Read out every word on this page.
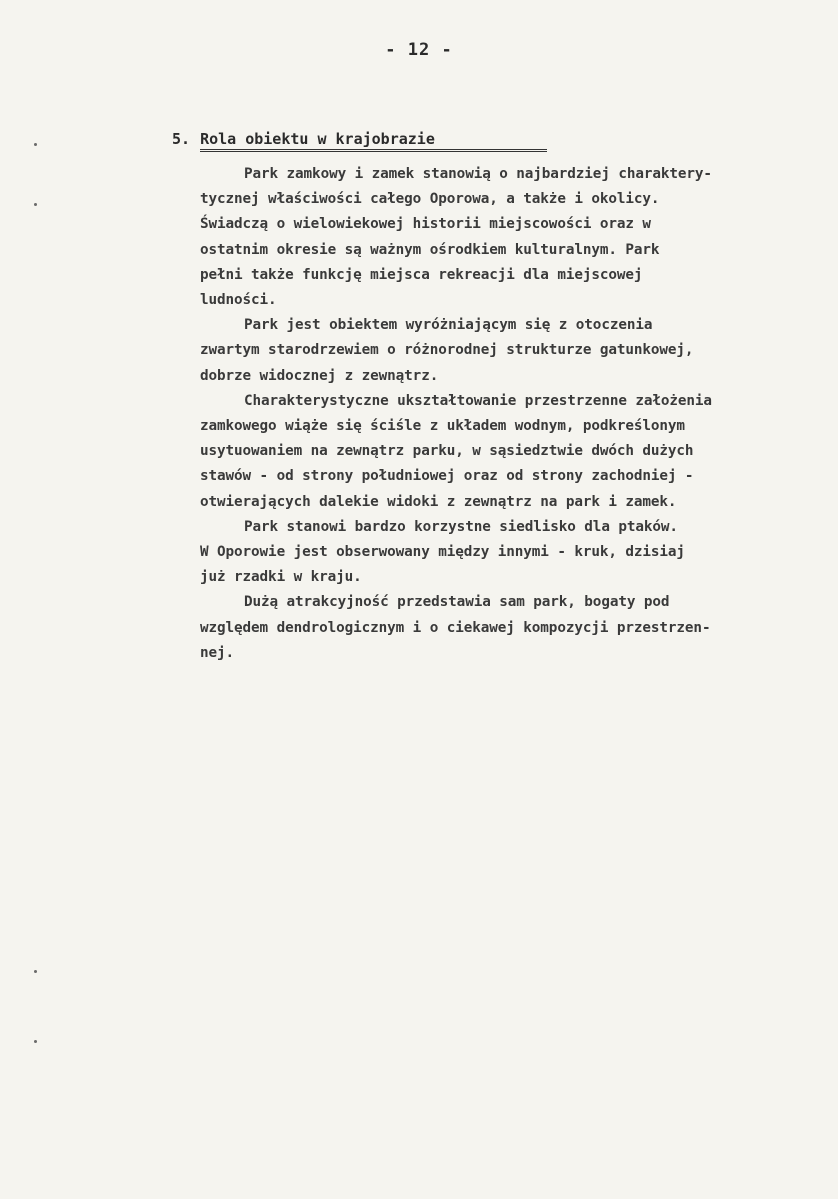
- 12 -
5. Rola obiektu w krajobrazie

Park zamkowy i zamek stanowią o najbardziej charaktery-
tycznej właściwości całego Oporowa, a także i okolicy.
Świadczą o wielowiekowej historii miejscowości oraz w
ostatnim okresie są ważnym ośrodkiem kulturalnym. Park
pełni także funkcję miejsca rekreacji dla miejscowej
ludności.

Park jest obiektem wyróżniającym się z otoczenia
zwartym starodrzewiem o różnorodnej strukturze gatunkowej,
dobrze widocznej z zewnątrz.

Charakterystyczne ukształtowanie przestrzenne założenia
zamkowego wiąże się ściśle z układem wodnym, podkreślonym
usytuowaniem na zewnątrz parku, w sąsiedztwie dwóch dużych
stawów - od strony południowej oraz od strony zachodniej -
otwierających dalekie widoki z zewnątrz na park i zamek.

Park stanowi bardzo korzystne siedlisko dla ptaków.
W Oporowie jest obserwowany między innymi - kruk, dzisiaj
już rzadki w kraju.

Dużą atrakcyjność przedstawia sam park, bogaty pod
względem dendrologicznym i o ciekawej kompozycji przestrzen-
nej.
